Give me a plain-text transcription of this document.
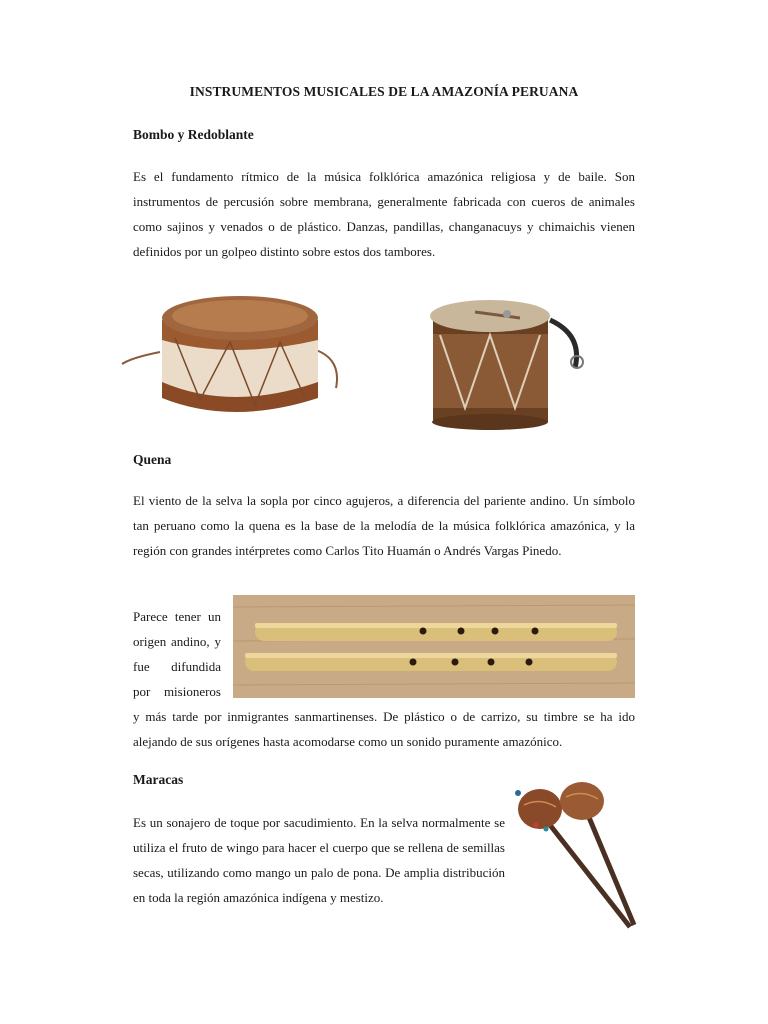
INSTRUMENTOS MUSICALES DE LA AMAZONÍA PERUANA
Bombo y Redoblante
Es el fundamento rítmico de la música folklórica amazónica religiosa y de baile. Son instrumentos de percusión sobre membrana, generalmente fabricada con cueros de animales como sajinos y venados o de plástico. Danzas, pandillas, changanacuys y chimaichis vienen definidos por un golpeo distinto sobre estos dos tambores.
Quena
El viento de la selva la sopla por cinco agujeros, a diferencia del pariente andino. Un símbolo tan peruano como la quena es la base de la melodía de la música folklórica amazónica, y la región con grandes intérpretes como Carlos Tito Huamán o Andrés Vargas Pinedo.
Parece tener un origen andino, y fue difundida por misioneros
y más tarde por inmigrantes sanmartinenses. De plástico o de carrizo, su timbre se ha ido alejando de sus orígenes hasta acomodarse como un sonido puramente amazónico.
Maracas
Es un sonajero de toque por sacudimiento. En la selva normalmente se utiliza el fruto de wingo para hacer el cuerpo que se rellena de semillas secas, utilizando como mango un palo de pona. De amplia distribución en toda la región amazónica indígena y mestizo.
